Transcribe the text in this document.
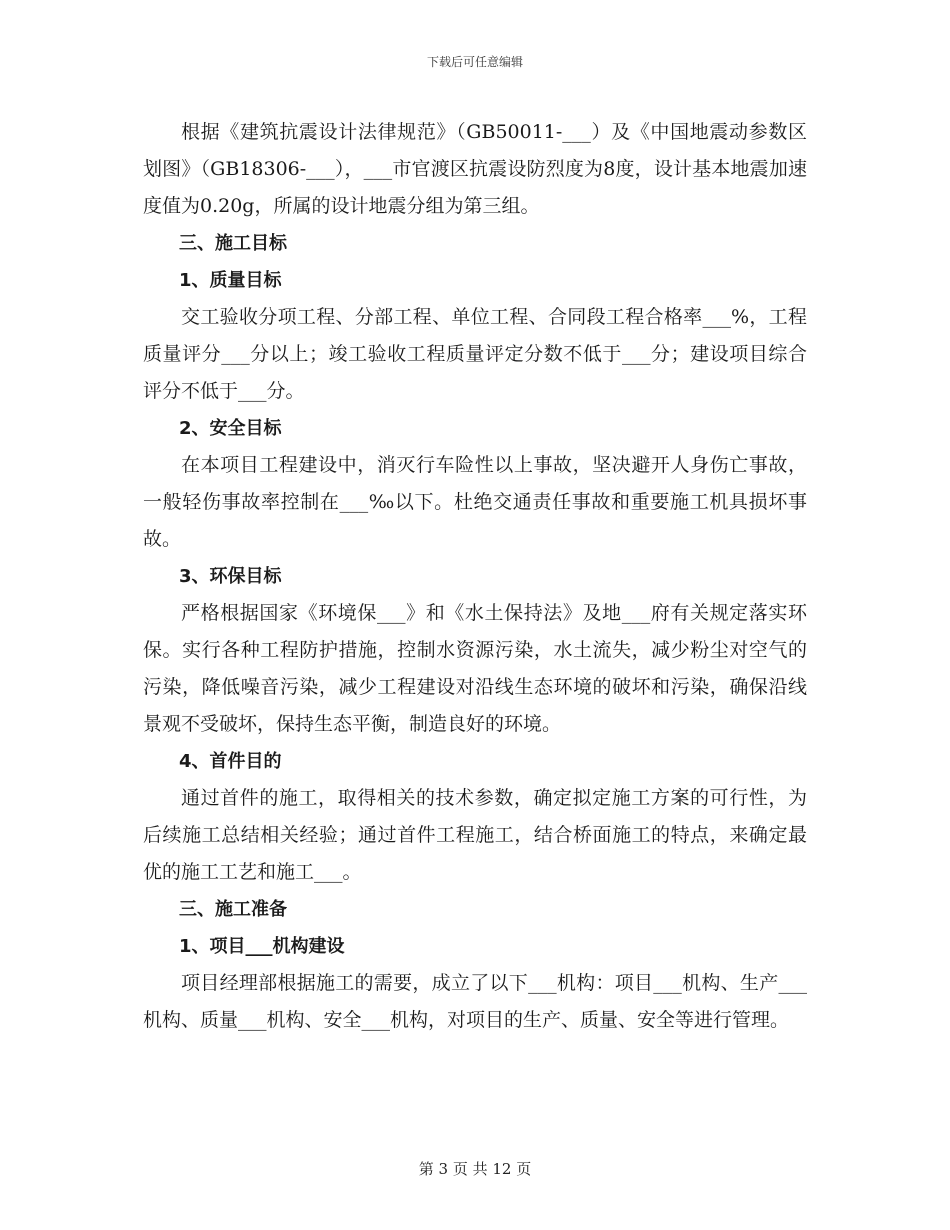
下载后可任意编辑

根据《建筑抗震设计法律规范》（GB50011-___）及《中国地震动参数区划图》（GB18306-___），___市官渡区抗震设防烈度为8度，设计基本地震加速度值为0.20g，所属的设计地震分组为第三组。

三、施工目标

1、质量目标

交工验收分项工程、分部工程、单位工程、合同段工程合格率___%，工程质量评分___分以上；竣工验收工程质量评定分数不低于___分；建设项目综合评分不低于___分。

2、安全目标

在本项目工程建设中，消灭行车险性以上事故，坚决避开人身伤亡事故，一般轻伤事故率控制在___‰以下。杜绝交通责任事故和重要施工机具损坏事故。

3、环保目标

严格根据国家《环境保___》和《水土保持法》及地___府有关规定落实环保。实行各种工程防护措施，控制水资源污染，水土流失，减少粉尘对空气的污染，降低噪音污染，减少工程建设对沿线生态环境的破坏和污染，确保沿线景观不受破坏，保持生态平衡，制造良好的环境。

4、首件目的

通过首件的施工，取得相关的技术参数，确定拟定施工方案的可行性，为后续施工总结相关经验；通过首件工程施工，结合桥面施工的特点，来确定最优的施工工艺和施工___。

三、施工准备

1、项目___机构建设

项目经理部根据施工的需要，成立了以下___机构：项目___机构、生产___机构、质量___机构、安全___机构，对项目的生产、质量、安全等进行管理。

第 3 页 共 12 页
